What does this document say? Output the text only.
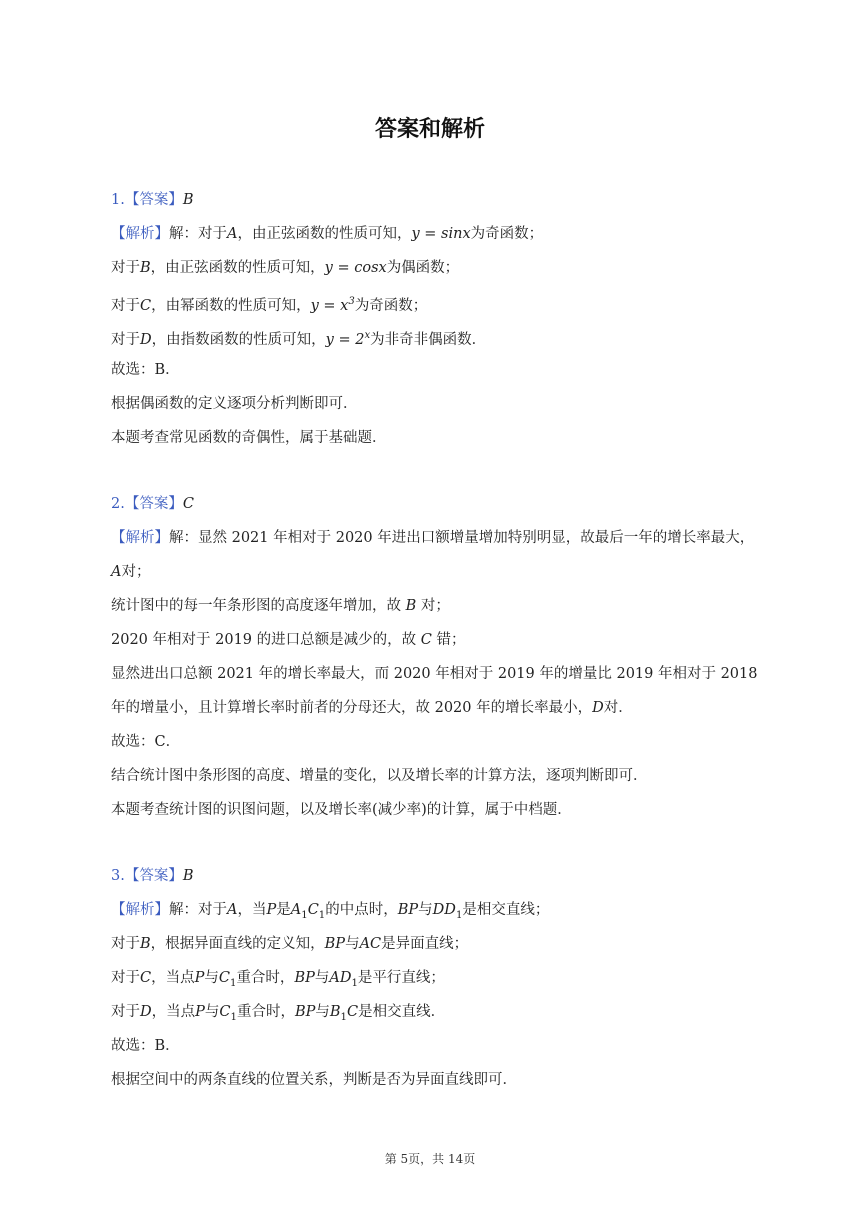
答案和解析
1.【答案】B
【解析】解：对于A，由正弦函数的性质可知，y = sinx为奇函数；
对于B，由正弦函数的性质可知，y = cosx为偶函数；
对于C，由幂函数的性质可知，$y = x^3$为奇函数；
对于D，由指数函数的性质可知，$y = 2^x$为非奇非偶函数．
故选：B．
根据偶函数的定义逐项分析判断即可．
本题考查常见函数的奇偶性，属于基础题．
2.【答案】C
【解析】解：显然 2021 年相对于 2020 年进出口额增量增加特别明显，故最后一年的增长率最大，
A对；
统计图中的每一年条形图的高度逐年增加，故 B 对；
2020 年相对于 2019 的进口总额是减少的，故 C 错；
显然进出口总额 2021 年的增长率最大，而 2020 年相对于 2019 年的增量比 2019 年相对于 2018
年的增量小，且计算增长率时前者的分母还大，故 2020 年的增长率最小，D对．
故选：C．
结合统计图中条形图的高度、增量的变化，以及增长率的计算方法，逐项判断即可．
本题考查统计图的识图问题，以及增长率(减少率)的计算，属于中档题．
3.【答案】B
【解析】解：对于A，当P是$A_1C_1$的中点时，BP与$DD_1$是相交直线；
对于B，根据异面直线的定义知，BP与AC是异面直线；
对于C，当点P与$C_1$重合时，BP与$AD_1$是平行直线；
对于D，当点P与$C_1$重合时，BP与$B_1C$是相交直线．
故选：B．
根据空间中的两条直线的位置关系，判断是否为异面直线即可．
第 5页，共 14页
